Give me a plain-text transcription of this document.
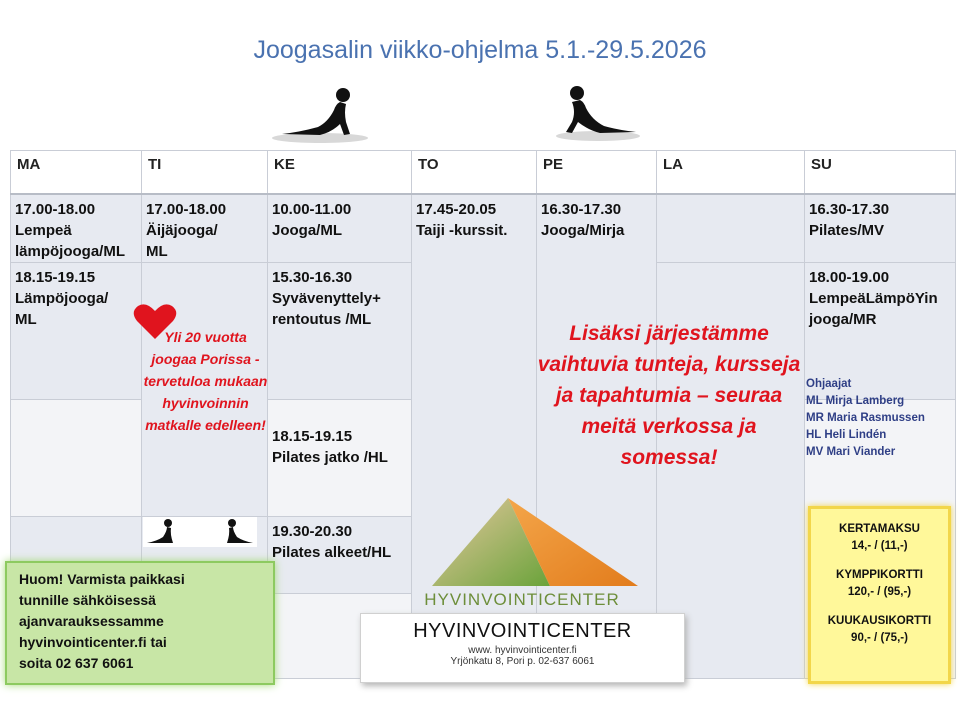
Joogasalin viikko-ohjelma 5.1.-29.5.2026
MA	TI	KE	TO	PE	LA	SU

17.00-18.00
Lempeä
lämpöjooga/ML	17.00-18.00
Äijäjooga/
ML	10.00-11.00
Jooga/ML	17.45-20.05
Taiji -kurssit.	16.30-17.30
Jooga/Mirja		16.30-17.30
Pilates/MV

18.15-19.15
Lämpöjooga/
ML		15.30-16.30
Syvävenyttely+
rentoutus /ML				18.00-19.00
LempeäLämpöYin
jooga/MR

		18.15-19.15
Pilates jatko /HL				

		19.30-20.30
Pilates alkeet/HL				

Yli 20 vuotta joogaa Porissa - tervetuloa mukaan hyvinvoinnin matkalle edelleen!
Lisäksi järjestämme vaihtuvia tunteja, kursseja ja tapahtumia – seuraa meitä verkossa ja somessa!
Ohjaajat
ML Mirja Lamberg
MR Maria Rasmussen
HL Heli Lindén
MV Mari Viander
KERTAMAKSU
14,- / (11,-)
KYMPPIKORTTI
120,- / (95,-)
KUUKAUSIKORTTI
90,- / (75,-)
HYVINVOINTICENTER
HYVINVOINTICENTER
www. hyvinvointicenter.fi
Yrjönkatu 8, Pori p. 02-637 6061
Huom! Varmista paikkasi
tunnille sähköisessä
ajanvarauksessamme
hyvinvointicenter.fi tai
soita 02 637 6061
